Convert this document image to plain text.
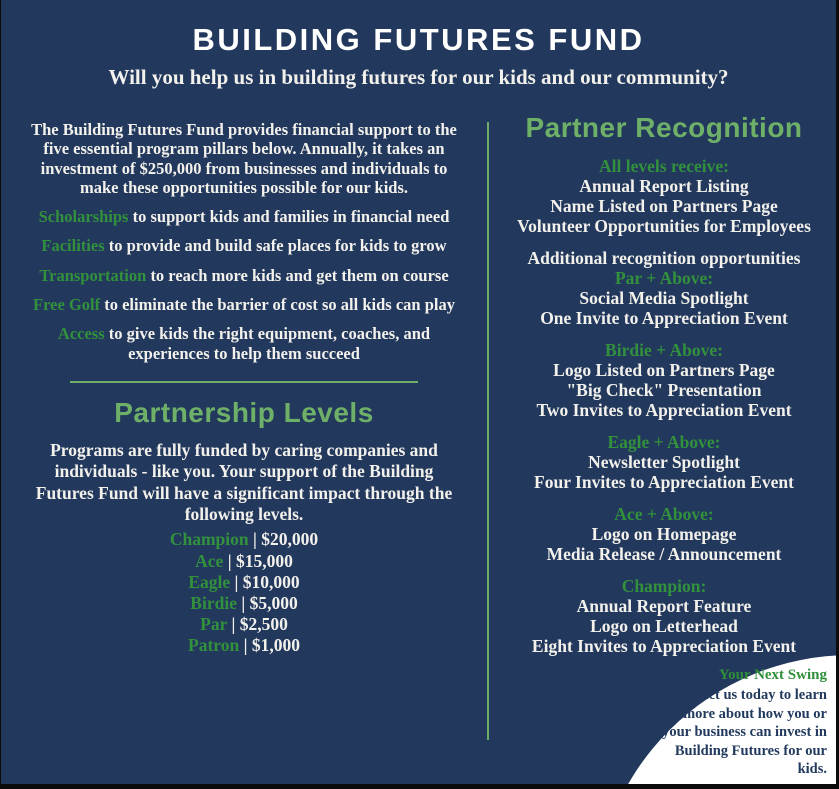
BUILDING FUTURES FUND
Will you help us in building futures for our kids and our community?

The Building Futures Fund provides financial support to the five essential program pillars below. Annually, it takes an investment of $250,000 from businesses and individuals to make these opportunities possible for our kids.

Scholarships to support kids and families in financial need

Facilities to provide and build safe places for kids to grow

Transportation to reach more kids and get them on course

Free Golf to eliminate the barrier of cost so all kids can play

Access to give kids the right equipment, coaches, and experiences to help them succeed

Partnership Levels

Programs are fully funded by caring companies and individuals - like you. Your support of the Building Futures Fund will have a significant impact through the following levels.

Champion | $20,000
Ace | $15,000
Eagle | $10,000
Birdie | $5,000
Par | $2,500
Patron | $1,000
Partner Recognition
All levels receive:
Annual Report Listing
Name Listed on Partners Page
Volunteer Opportunities for Employees
Additional recognition opportunities
Par + Above:
Social Media Spotlight
One Invite to Appreciation Event
Birdie + Above:
Logo Listed on Partners Page
"Big Check" Presentation
Two Invites to Appreciation Event
Eagle + Above:
Newsletter Spotlight
Four Invites to Appreciation Event
Ace + Above:
Logo on Homepage
Media Release / Announcement
Champion:
Annual Report Feature
Logo on Letterhead
Eight Invites to Appreciation Event
Your Next Swing
Contact us today to learn more about how you or your business can invest in Building Futures for our kids.
